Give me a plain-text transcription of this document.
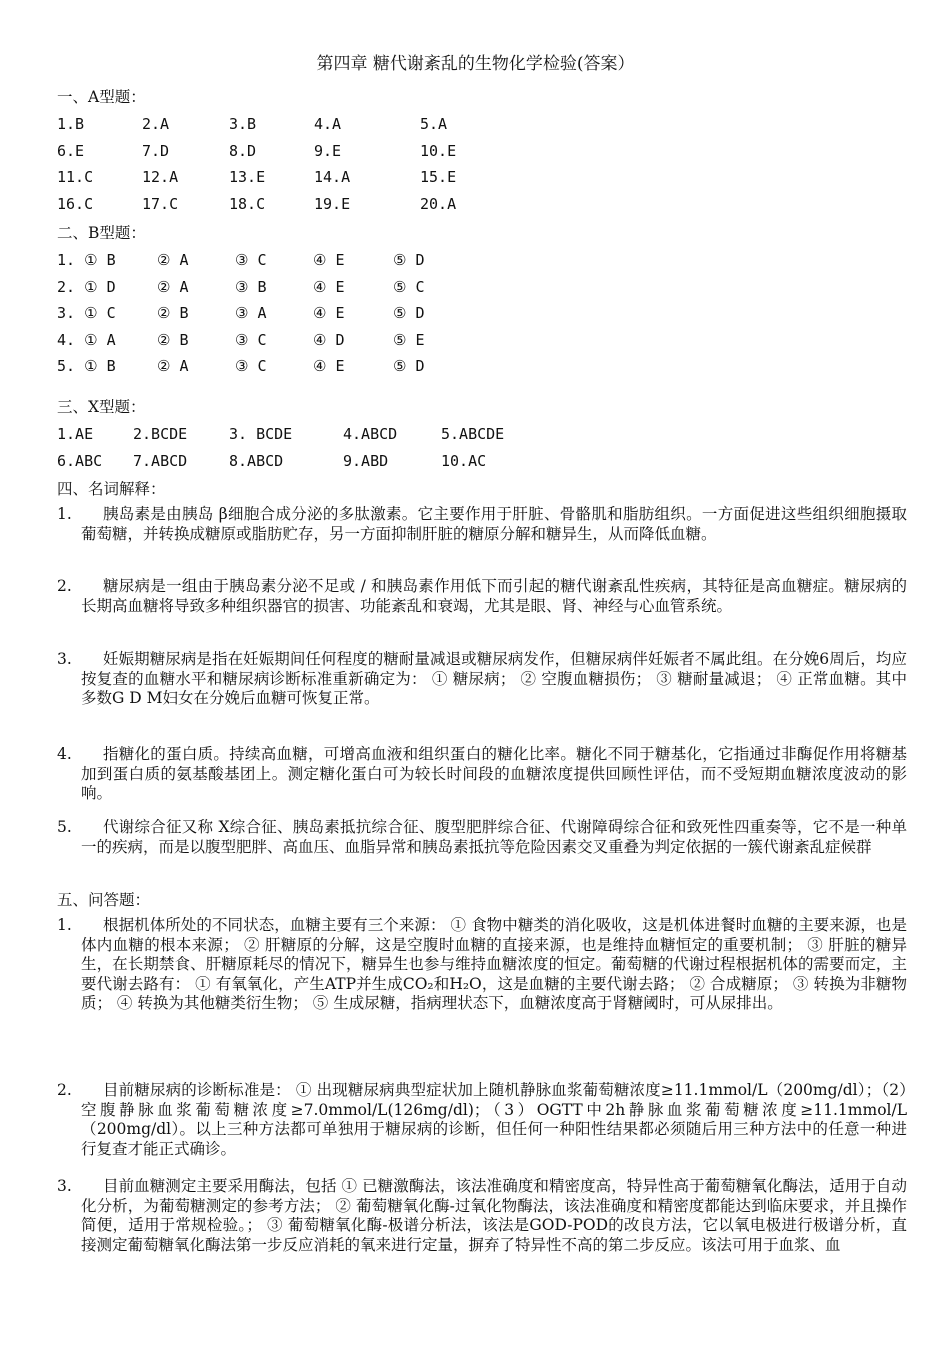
第四章 糖代谢紊乱的生物化学检验(答案）
一、A型题：
1.B	2.A	3.B	4.A	5.A
6.E	7.D	8.D	9.E	10.E
11.C	12.A	13.E	14.A	15.E
16.C	17.C	18.C	19.E	20.A
二、B型题：
1. ① B	② A	③ C	④ E	⑤ D
2. ① D	② A	③ B	④ E	⑤ C
3. ① C	② B	③ A	④ E	⑤ D
4. ① A	② B	③ C	④ D	⑤ E
5. ① B	② A	③ C	④ E	⑤ D
三、X型题：
1.AE	2.BCDE	3. BCDE	4.ABCD	5.ABCDE
6.ABC 7.ABCD	8.ABCD	9.ABD	10.AC
四、名词解释：
1.	胰岛素是由胰岛 β细胞合成分泌的多肽激素。它主要作用于肝脏、骨骼肌和脂肪组织。一方面促进这些组织细胞摄取葡萄糖，并转换成糖原或脂肪贮存，另一方面抑制肝脏的糖原分解和糖异生，从而降低血糖。
2.	糖尿病是一组由于胰岛素分泌不足或 / 和胰岛素作用低下而引起的糖代谢紊乱性疾病，其特征是高血糖症。糖尿病的长期高血糖将导致多种组织器官的损害、功能紊乱和衰竭，尤其是眼、肾、神经与心血管系统。
3.	妊娠期糖尿病是指在妊娠期间任何程度的糖耐量减退或糖尿病发作，但糖尿病伴妊娠者不属此组。在分娩6周后，均应按复查的血糖水平和糖尿病诊断标准重新确定为： ① 糖尿病； ② 空腹血糖损伤； ③ 糖耐量减退； ④ 正常血糖。其中多数G D M妇女在分娩后血糖可恢复正常。
4.	指糖化的蛋白质。持续高血糖，可增高血液和组织蛋白的糖化比率。糖化不同于糖基化，它指通过非酶促作用将糖基加到蛋白质的氨基酸基团上。测定糖化蛋白可为较长时间段的血糖浓度提供回顾性评估，而不受短期血糖浓度波动的影响。
5.	代谢综合征又称 X综合征、胰岛素抵抗综合征、腹型肥胖综合征、代谢障碍综合征和致死性四重奏等，它不是一种单一的疾病，而是以腹型肥胖、高血压、血脂异常和胰岛素抵抗等危险因素交叉重叠为判定依据的一簇代谢紊乱症候群
五、问答题：
1.	根据机体所处的不同状态，血糖主要有三个来源： ① 食物中糖类的消化吸收，这是机体进餐时血糖的主要来源，也是体内血糖的根本来源； ② 肝糖原的分解，这是空腹时血糖的直接来源，也是维持血糖恒定的重要机制； ③ 肝脏的糖异生，在长期禁食、肝糖原耗尽的情况下，糖异生也参与维持血糖浓度的恒定。葡萄糖的代谢过程根据机体的需要而定，主要代谢去路有： ① 有氧氧化，产生ATP并生成CO₂和H₂O，这是血糖的主要代谢去路； ② 合成糖原； ③ 转换为非糖物质； ④ 转换为其他糖类衍生物； ⑤ 生成尿糖，指病理状态下，血糖浓度高于肾糖阈时，可从尿排出。
2.	目前糖尿病的诊断标准是： ① 出现糖尿病典型症状加上随机静脉血浆葡萄糖浓度≥11.1mmol/L（200mg/dl）；（2）空腹静脉血浆葡萄糖浓度≥7.0mmol/L(126mg/dl)；（3）OGTT中2h静脉血浆葡萄糖浓度≥11.1mmol/L（200mg/dl）。以上三种方法都可单独用于糖尿病的诊断，但任何一种阳性结果都必须随后用三种方法中的任意一种进行复查才能正式确诊。
3.	目前血糖测定主要采用酶法，包括 ① 已糖激酶法，该法准确度和精密度高，特异性高于葡萄糖氧化酶法，适用于自动化分析，为葡萄糖测定的参考方法； ② 葡萄糖氧化酶-过氧化物酶法，该法准确度和精密度都能达到临床要求，并且操作简便，适用于常规检验。； ③ 葡萄糖氧化酶-极谱分析法，该法是GOD-POD的改良方法，它以氧电极进行极谱分析，直接测定葡萄糖氧化酶法第一步反应消耗的氧来进行定量，摒弃了特异性不高的第二步反应。该法可用于血浆、血
